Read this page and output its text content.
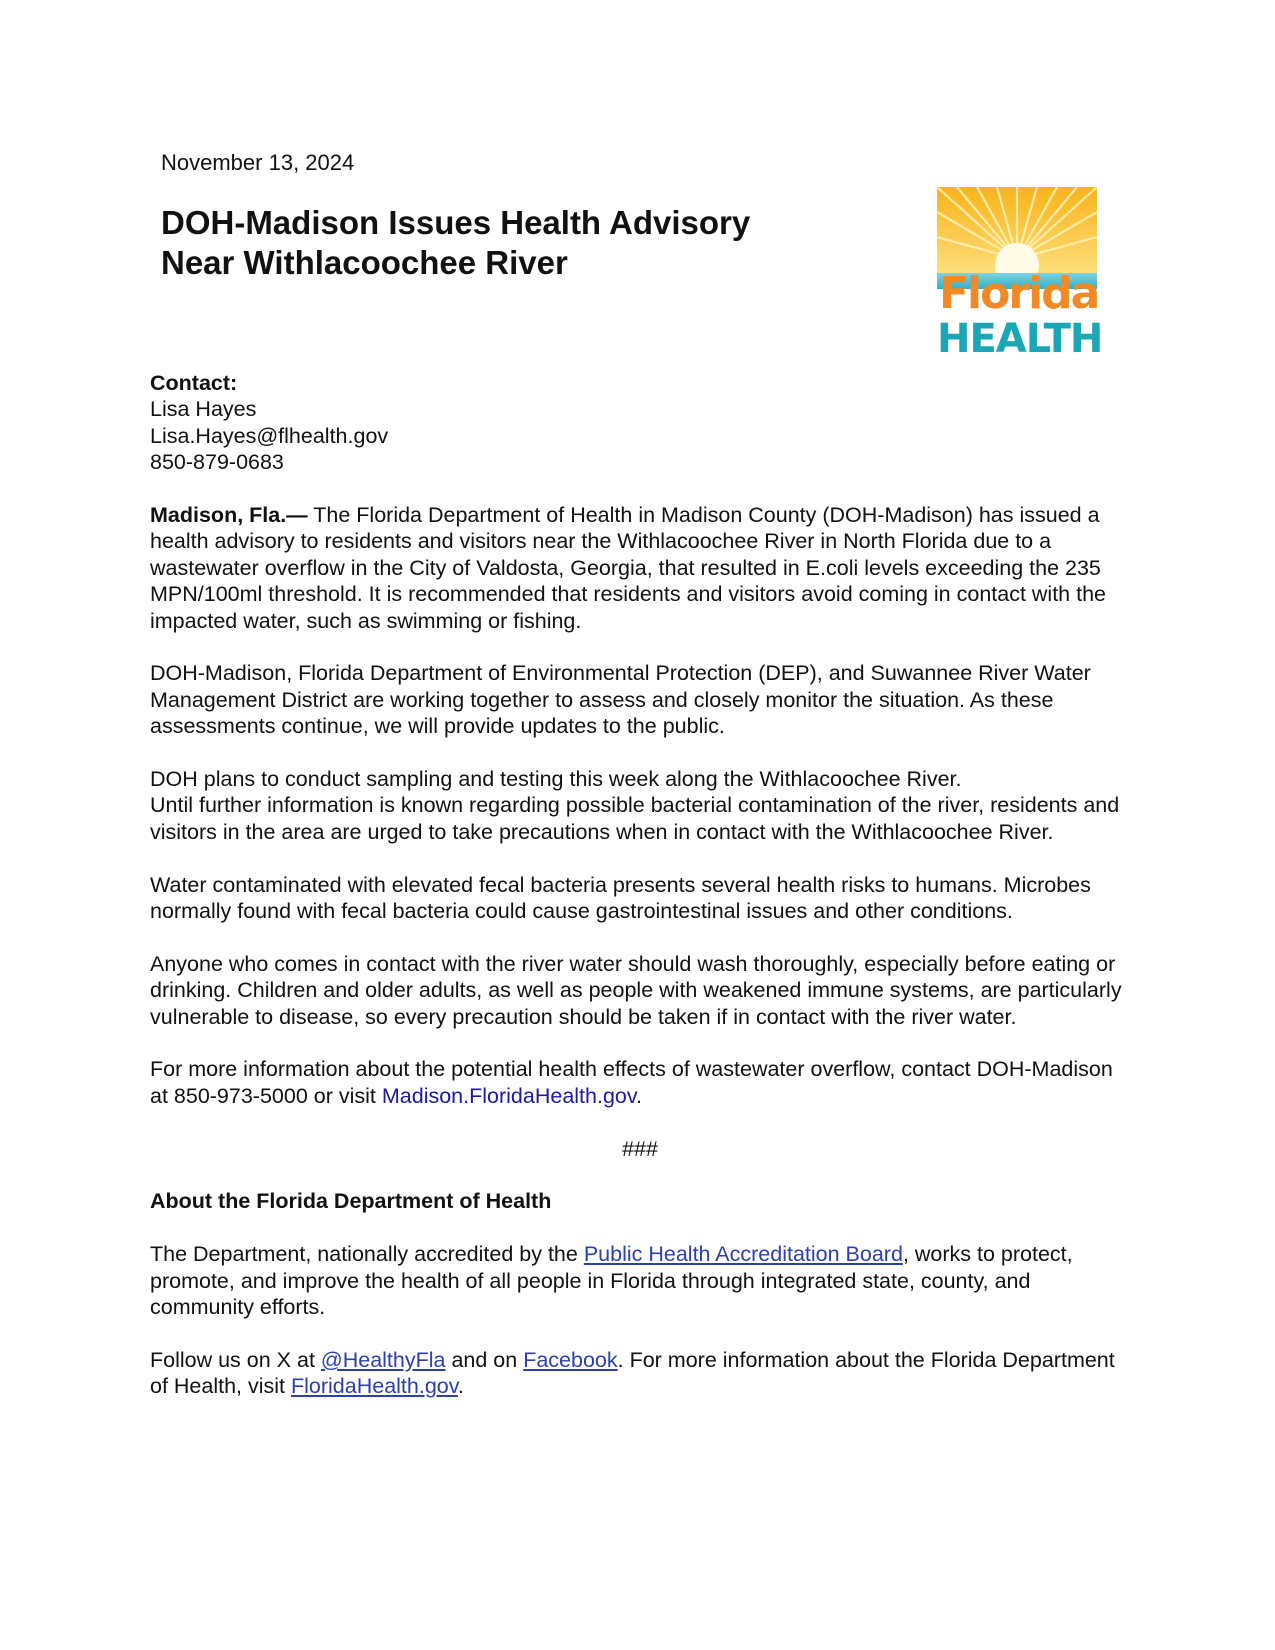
November 13, 2024
DOH-Madison Issues Health Advisory
Near Withlacoochee River
Florida
HEALTH
Contact:
Lisa Hayes
Lisa.Hayes@flhealth.gov
850-879-0683

Madison, Fla.— The Florida Department of Health in Madison County (DOH-Madison) has issued a health advisory to residents and visitors near the Withlacoochee River in North Florida due to a wastewater overflow in the City of Valdosta, Georgia, that resulted in E.coli levels exceeding the 235 MPN/100ml threshold. It is recommended that residents and visitors avoid coming in contact with the impacted water, such as swimming or fishing.

DOH-Madison, Florida Department of Environmental Protection (DEP), and Suwannee River Water Management District are working together to assess and closely monitor the situation. As these assessments continue, we will provide updates to the public.

DOH plans to conduct sampling and testing this week along the Withlacoochee River.
Until further information is known regarding possible bacterial contamination of the river, residents and visitors in the area are urged to take precautions when in contact with the Withlacoochee River.

Water contaminated with elevated fecal bacteria presents several health risks to humans. Microbes normally found with fecal bacteria could cause gastrointestinal issues and other conditions.

Anyone who comes in contact with the river water should wash thoroughly, especially before eating or drinking. Children and older adults, as well as people with weakened immune systems, are particularly vulnerable to disease, so every precaution should be taken if in contact with the river water.

For more information about the potential health effects of wastewater overflow, contact DOH-Madison at 850-973-5000 or visit Madison.FloridaHealth.gov.

###

About the Florida Department of Health

The Department, nationally accredited by the Public Health Accreditation Board, works to protect, promote, and improve the health of all people in Florida through integrated state, county, and community efforts.

Follow us on X at @HealthyFla and on Facebook. For more information about the Florida Department of Health, visit FloridaHealth.gov.
